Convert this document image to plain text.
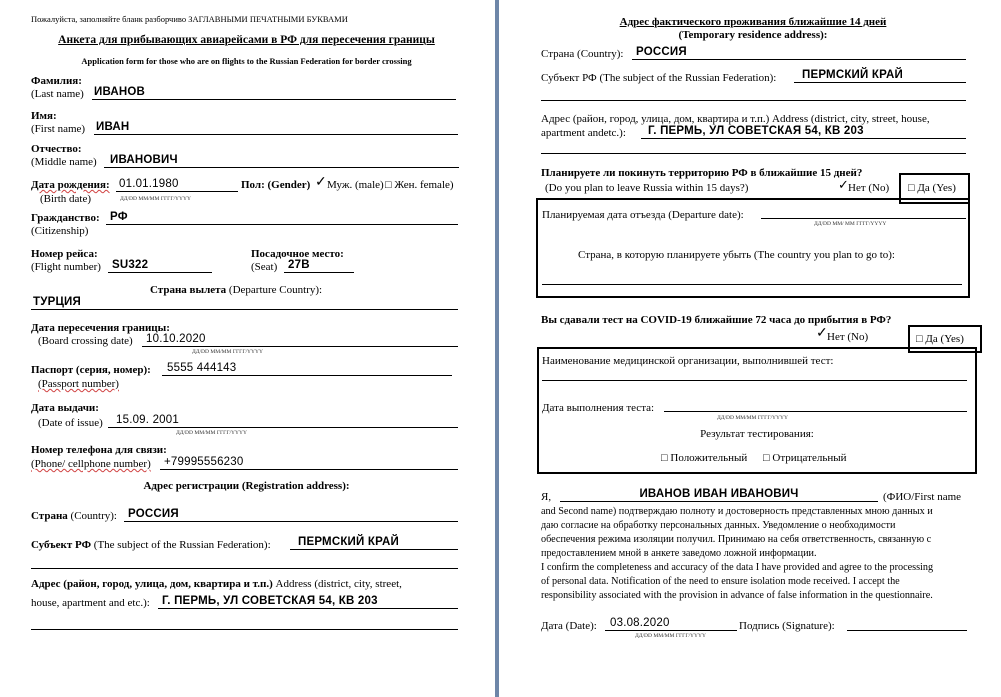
Пожалуйста, заполняйте бланк разборчиво ЗАГЛАВНЫМИ ПЕЧАТНЫМИ БУКВАМИ
Анкета для прибывающих авиарейсами в РФ для пересечения границы
Application form for those who are on flights to the Russian Federation for border crossing
Фамилия:
(Last name) ИВАНОВ
Имя:
(First name) ИВАН
Отчество:
(Middle name) ИВАНОВИЧ
Дата рождения: 01.01.1980	Пол: (Gender) ✓ Муж. (male) □ Жен. female)
(Birth date)	ДД/DD ММ/ММ ГГГГ/YYYY
Гражданство: РФ
(Citizenship)
Номер рейса:
(Flight number) SU322
Посадочное место:
(Seat) 27В
Страна вылета (Departure Country):
ТУРЦИЯ
Дата пересечения границы:
(Board crossing date) 10.10.2020
ДД/DD ММ/ММ ГГГГ/YYYY
Паспорт (серия, номер): 5555 444143
(Passport number)
Дата выдачи:
(Date of issue) 15.09. 2001
ДД/DD ММ/ММ ГГГГ/YYYY
Номер телефона для связи:
(Phone/ cellphone number) +79995556230
Адрес регистрации (Registration address):
Страна (Country): РОССИЯ
Субъект РФ (The subject of the Russian Federation): ПЕРМСКИЙ КРАЙ
Адрес (район, город, улица, дом, квартира и т.п.) Address (district, city, street,
house, apartment and etc.): Г. ПЕРМЬ, УЛ СОВЕТСКАЯ 54, КВ 203
Адрес фактического проживания ближайшие 14 дней
(Temporary residence address):
Страна (Country): РОССИЯ
Субъект РФ (The subject of the Russian Federation): ПЕРМСКИЙ КРАЙ
Адрес (район, город, улица, дом, квартира и т.п.) Address (district, city, street, house,
apartment andetc.): Г. ПЕРМЬ, УЛ СОВЕТСКАЯ 54, КВ 203
Планируете ли покинуть территорию РФ в ближайшие 15 дней?
(Do you plan to leave Russia within 15 days?)	✓ Нет (No) □ Да (Yes)
Планируемая дата отъезда (Departure date):
ДД/DD ММ/ ММ ГГГГ/YYYY
Страна, в которую планируете убыть (The country you plan to go to):
Вы сдавали тест на COVID-19 ближайшие 72 часа до прибытия в РФ?
✓ Нет (No)	□ Да (Yes)
Наименование медицинской организации, выполнившей тест:
Дата выполнения теста:
ДД/DD ММ/ММ ГГГГ/YYYY
Результат тестирования:
□ Положительный □ Отрицательный
Я,	ИВАНОВ ИВАН ИВАНОВИЧ	(ФИО/First name
and Second name) подтверждаю полноту и достоверность представленных мною данных и
даю согласие на обработку персональных данных. Уведомление о необходимости
обеспечения режима изоляции получил. Принимаю на себя ответственность, связанную с
предоставлением мной в анкете заведомо ложной информации.
I confirm the completeness and accuracy of the data I have provided and agree to the processing
of personal data. Notification of the need to ensure isolation mode received. I accept the
responsibility associated with the provision in advance of false information in the questionnaire.
Дата (Date): 03.08.2020
ДД/DD ММ/ММ ГГГГ/YYYY
Подпись (Signature):
